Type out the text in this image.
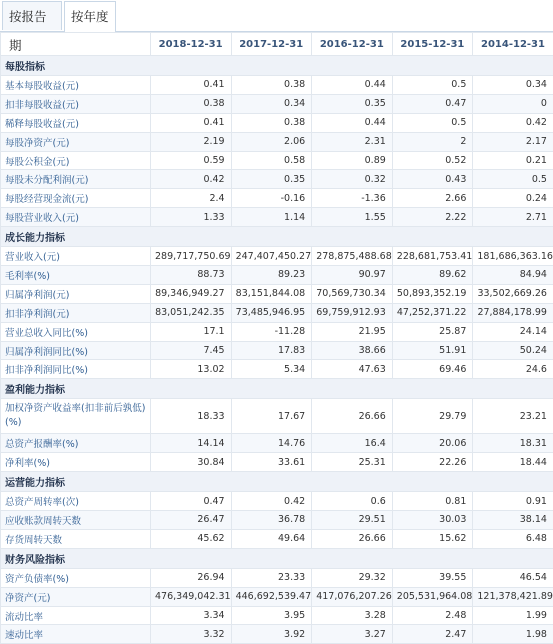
按报告期
按年度
	2018-12-31	2017-12-31	2016-12-31	2015-12-31	2014-12-31
每股指标					
基本每股收益(元)	0.41	0.38	0.44	0.5	0.34
扣非每股收益(元)	0.38	0.34	0.35	0.47	0
稀释每股收益(元)	0.41	0.38	0.44	0.5	0.42
每股净资产(元)	2.19	2.06	2.31	2	2.17
每股公积金(元)	0.59	0.58	0.89	0.52	0.21
每股未分配利润(元)	0.42	0.35	0.32	0.43	0.5
每股经营现金流(元)	2.4	-0.16	-1.36	2.66	0.24
每股营业收入(元)	1.33	1.14	1.55	2.22	2.71
成长能力指标					
营业收入(元)	289,717,750.69	247,407,450.27	278,875,488.68	228,681,753.41	181,686,363.16
毛利率(%)	88.73	89.23	90.97	89.62	84.94
归属净利润(元)	89,346,949.27	83,151,844.08	70,569,730.34	50,893,352.19	33,502,669.26
扣非净利润(元)	83,051,242.35	73,485,946.95	69,759,912.93	47,252,371.22	27,884,178.99
营业总收入同比(%)	17.1	-11.28	21.95	25.87	24.14
归属净利润同比(%)	7.45	17.83	38.66	51.91	50.24
扣非净利润同比(%)	13.02	5.34	47.63	69.46	24.6
盈利能力指标					
加权净资产收益率(扣非前后孰低)(%)	18.33	17.67	26.66	29.79	23.21
总资产报酬率(%)	14.14	14.76	16.4	20.06	18.31
净利率(%)	30.84	33.61	25.31	22.26	18.44
运营能力指标					
总资产周转率(次)	0.47	0.42	0.6	0.81	0.91
应收账款周转天数	26.47	36.78	29.51	30.03	38.14
存货周转天数	45.62	49.64	26.66	15.62	6.48
财务风险指标					
资产负债率(%)	26.94	23.33	29.32	39.55	46.54
净资产(元)	476,349,042.31	446,692,539.47	417,076,207.26	205,531,964.08	121,378,421.89
流动比率	3.34	3.95	3.28	2.48	1.99
速动比率	3.32	3.92	3.27	2.47	1.98
